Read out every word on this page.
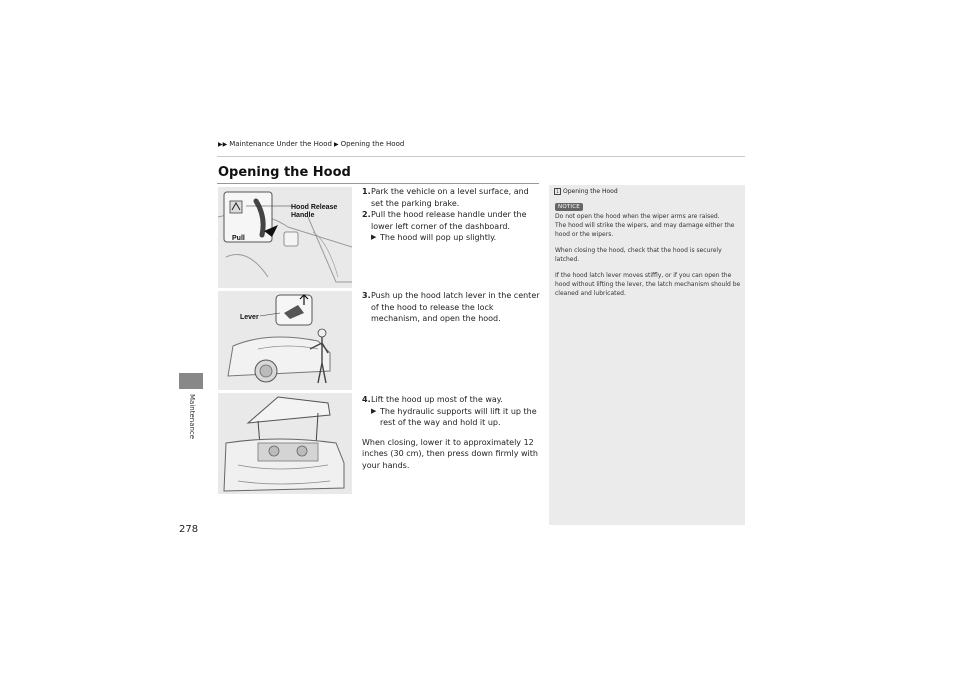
▶▶ Maintenance Under the Hood ▶ Opening the Hood
Maintenance
278
Opening the Hood
Hood Release
Handle
Pull
Lever
1. Park the vehicle on a level surface, and set the parking brake.
2. Pull the hood release handle under the lower left corner of the dashboard.
▶ The hood will pop up slightly.
3. Push up the hood latch lever in the center of the hood to release the lock mechanism, and open the hood.
4. Lift the hood up most of the way.
▶ The hydraulic supports will lift it up the rest of the way and hold it up.
When closing, lower it to approximately 12 inches (30 cm), then press down firmly with your hands.
1 Opening the Hood
NOTICE

Do not open the hood when the wiper arms are raised.
The hood will strike the wipers, and may damage either the hood or the wipers.

When closing the hood, check that the hood is securely latched.

If the hood latch lever moves stiffly, or if you can open the hood without lifting the lever, the latch mechanism should be cleaned and lubricated.
